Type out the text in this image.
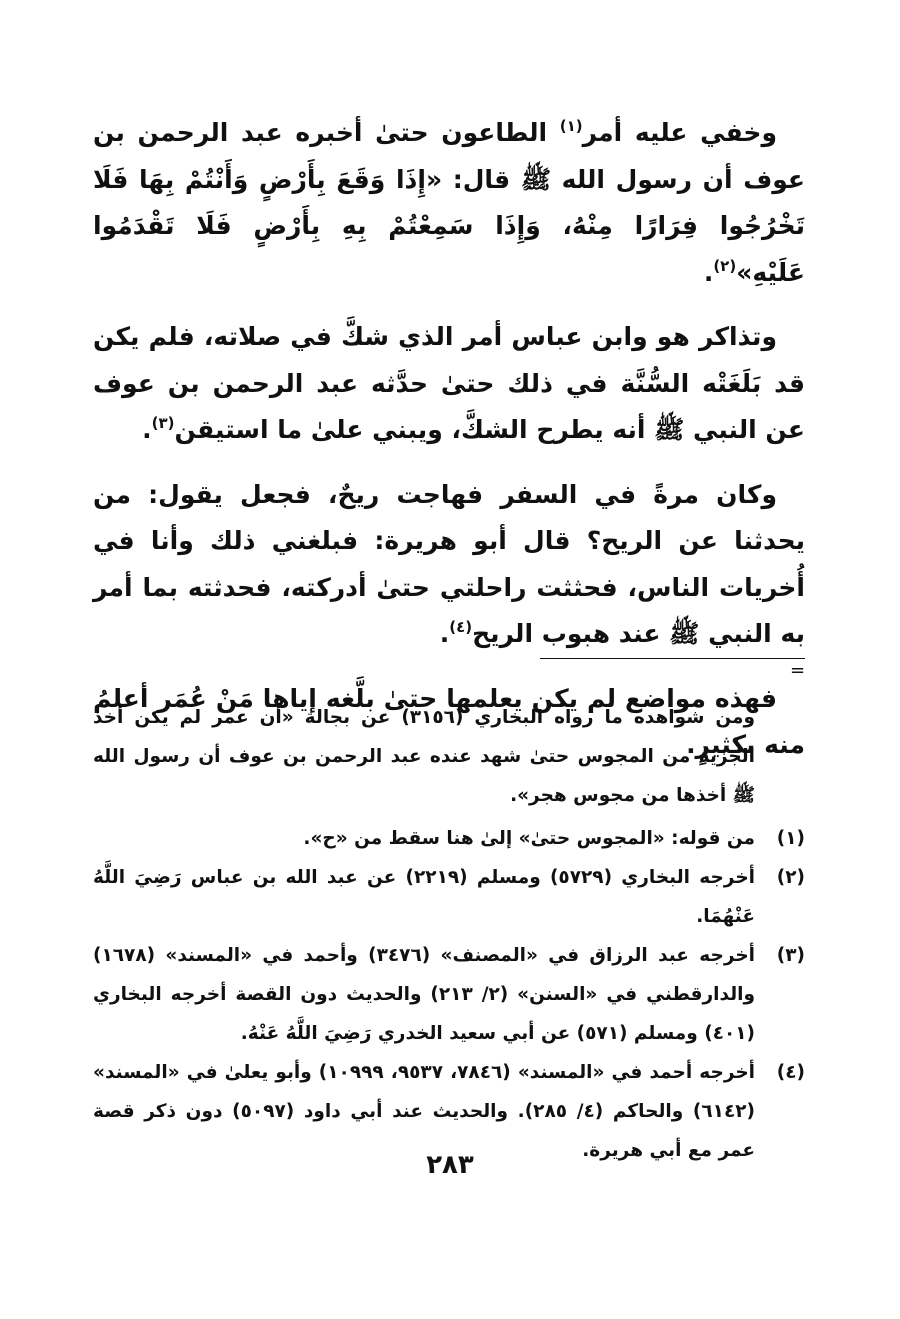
وخفي عليه أمر$^{(١)}$ الطاعون حتىٰ أخبره عبد الرحمن بن عوف أن رسول الله ﷺ قال: «إِذَا وَقَعَ بِأَرْضٍ وَأَنْتُمْ بِهَا فَلَا تَخْرُجُوا فِرَارًا مِنْهُ، وَإِذَا سَمِعْتُمْ بِهِ بِأَرْضٍ فَلَا تَقْدَمُوا عَلَيْهِ»$^{(٢)}$.

وتذاكر هو وابن عباس أمر الذي شكَّ في صلاته، فلم يكن قد بَلَغَتْه السُّنَّة في ذلك حتىٰ حدَّثه عبد الرحمن بن عوف عن النبي ﷺ أنه يطرح الشكَّ، ويبني علىٰ ما استيقن$^{(٣)}$.

وكان مرةً في السفر فهاجت ريحٌ، فجعل يقول: من يحدثنا عن الريح؟ قال أبو هريرة: فبلغني ذلك وأنا في أُخريات الناس، فحثثت راحلتي حتىٰ أدركته، فحدثته بما أمر به النبي ﷺ عند هبوب الريح$^{(٤)}$.

فهذه مواضع لم يكن يعلمها حتىٰ بلَّغه إياها مَنْ عُمَر أعلمُ منه بكثيرٍ.

=

ومن شواهده ما رواه البخاري (٣١٥٦) عن بجالة «أن عمر لم يكن أخذ الجزية من المجوس حتىٰ شهد عنده عبد الرحمن بن عوف أن رسول الله ﷺ أخذها من مجوس هجر».

(١)
من قوله: «المجوس حتىٰ» إلىٰ هنا سقط من «ح».
(٢)
أخرجه البخاري (٥٧٢٩) ومسلم (٢٢١٩) عن عبد الله بن عباس رَضِيَ اللَّهُ عَنْهُمَا.
(٣)
أخرجه عبد الرزاق في «المصنف» (٣٤٧٦) وأحمد في «المسند» (١٦٧٨) والدارقطني في «السنن» (٢/ ٢١٣) والحديث دون القصة أخرجه البخاري (٤٠١) ومسلم (٥٧١) عن أبي سعيد الخدري رَضِيَ اللَّهُ عَنْهُ.
(٤)
أخرجه أحمد في «المسند» (٧٨٤٦، ٩٥٣٧، ١٠٩٩٩) وأبو يعلىٰ في «المسند» (٦١٤٢) والحاكم (٤/ ٢٨٥). والحديث عند أبي داود (٥٠٩٧) دون ذكر قصة عمر مع أبي هريرة.
٢٨٣
